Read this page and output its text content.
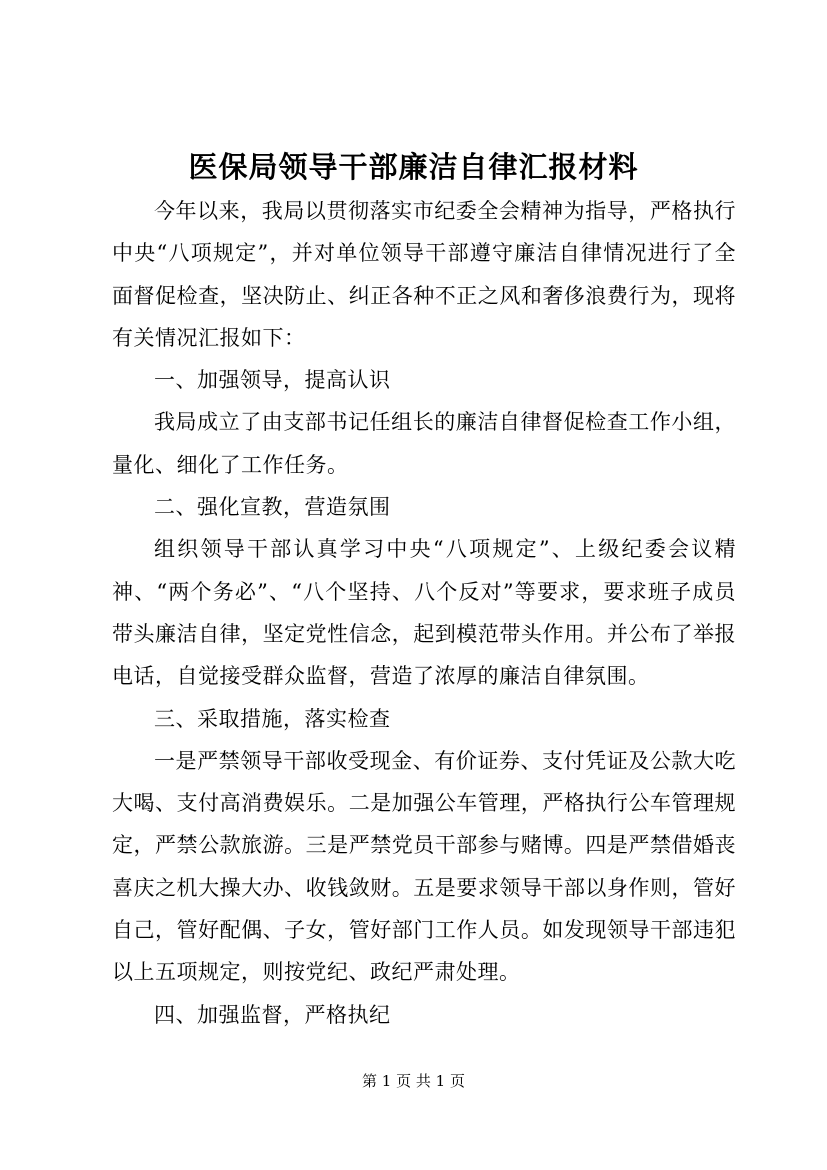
医保局领导干部廉洁自律汇报材料

今年以来，我局以贯彻落实市纪委全会精神为指导，严格执行中央“八项规定”，并对单位领导干部遵守廉洁自律情况进行了全面督促检查，坚决防止、纠正各种不正之风和奢侈浪费行为，现将有关情况汇报如下：

一、加强领导，提高认识

我局成立了由支部书记任组长的廉洁自律督促检查工作小组，量化、细化了工作任务。

二、强化宣教，营造氛围

组织领导干部认真学习中央“八项规定”、上级纪委会议精神、“两个务必”、“八个坚持、八个反对”等要求，要求班子成员带头廉洁自律，坚定党性信念，起到模范带头作用。并公布了举报电话，自觉接受群众监督，营造了浓厚的廉洁自律氛围。

三、采取措施，落实检查

一是严禁领导干部收受现金、有价证券、支付凭证及公款大吃大喝、支付高消费娱乐。二是加强公车管理，严格执行公车管理规定，严禁公款旅游。三是严禁党员干部参与赌博。四是严禁借婚丧喜庆之机大操大办、收钱敛财。五是要求领导干部以身作则，管好自己，管好配偶、子女，管好部门工作人员。如发现领导干部违犯以上五项规定，则按党纪、政纪严肃处理。

四、加强监督，严格执纪

第 1 页 共 1 页
